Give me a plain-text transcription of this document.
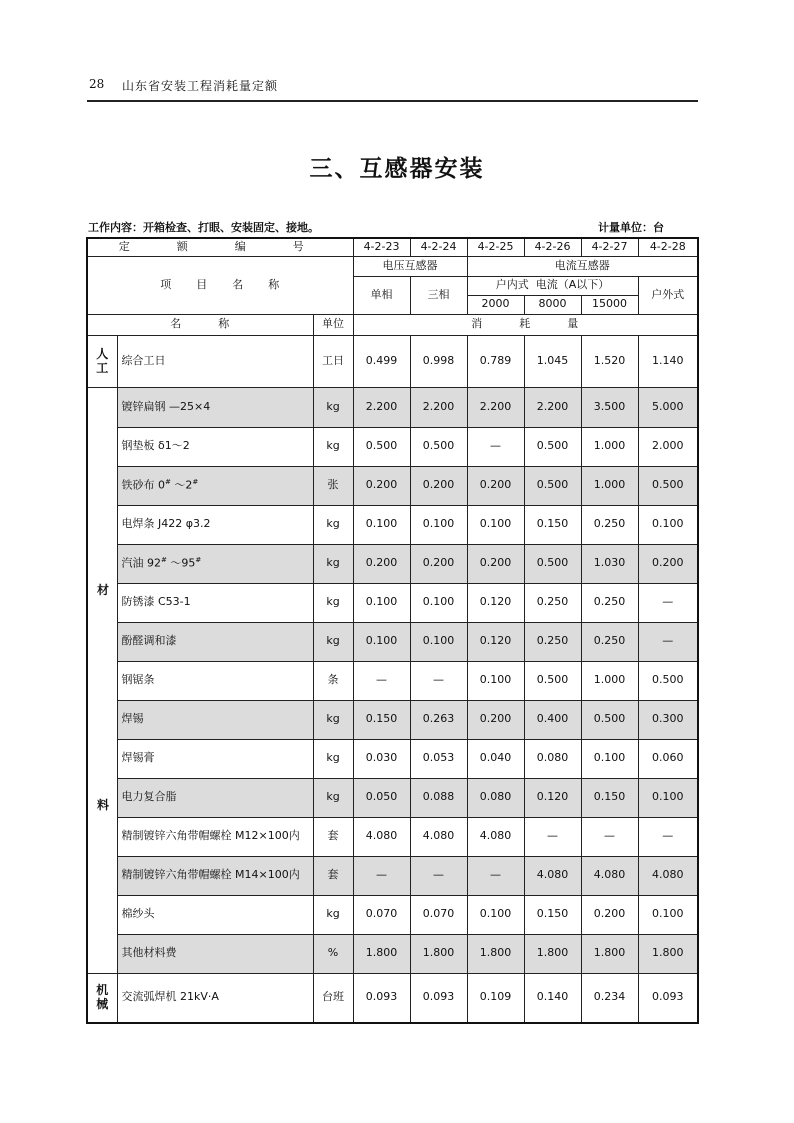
28 山东省安装工程消耗量定额
三、互感器安装
工作内容：开箱检查、打眼、安装固定、接地。	计量单位：台
定　额　编　号			4-2-23	4-2-24	4-2-25	4-2-26	4-2-27	4-2-28
项　　目　　名　　称			电压互感器		电流互感器			
			单相	三相	户内式 电流（A以下）			户外式
					2000	8000	15000	
名　　　称		单位	消　　　耗　　　量					
人工	综合工日	工日	0.499	0.998	0.789	1.045	1.520	1.140

材
料	镀锌扁钢 —25×4	kg	2.200	2.200	2.200	2.200	3.500	5.000
	钢垫板 δ1～2	kg	0.500	0.500	—	0.500	1.000	2.000
	铁砂布 0# ～2#	张	0.200	0.200	0.200	0.500	1.000	0.500
	电焊条 J422 φ3.2	kg	0.100	0.100	0.100	0.150	0.250	0.100
	汽油 92# ～95#	kg	0.200	0.200	0.200	0.500	1.030	0.200
	防锈漆 C53-1	kg	0.100	0.100	0.120	0.250	0.250	—
	酚醛调和漆	kg	0.100	0.100	0.120	0.250	0.250	—
	钢锯条	条	—	—	0.100	0.500	1.000	0.500
	焊锡	kg	0.150	0.263	0.200	0.400	0.500	0.300
	焊锡膏	kg	0.030	0.053	0.040	0.080	0.100	0.060
	电力复合脂	kg	0.050	0.088	0.080	0.120	0.150	0.100
	精制镀锌六角带帽螺栓 M12×100内	套	4.080	4.080	4.080	—	—	—
	精制镀锌六角带帽螺栓 M14×100内	套	—	—	—	4.080	4.080	4.080
	棉纱头	kg	0.070	0.070	0.100	0.150	0.200	0.100
	其他材料费	%	1.800	1.800	1.800	1.800	1.800	1.800
机械	交流弧焊机 21kV·A	台班	0.093	0.093	0.109	0.140	0.234	0.093
